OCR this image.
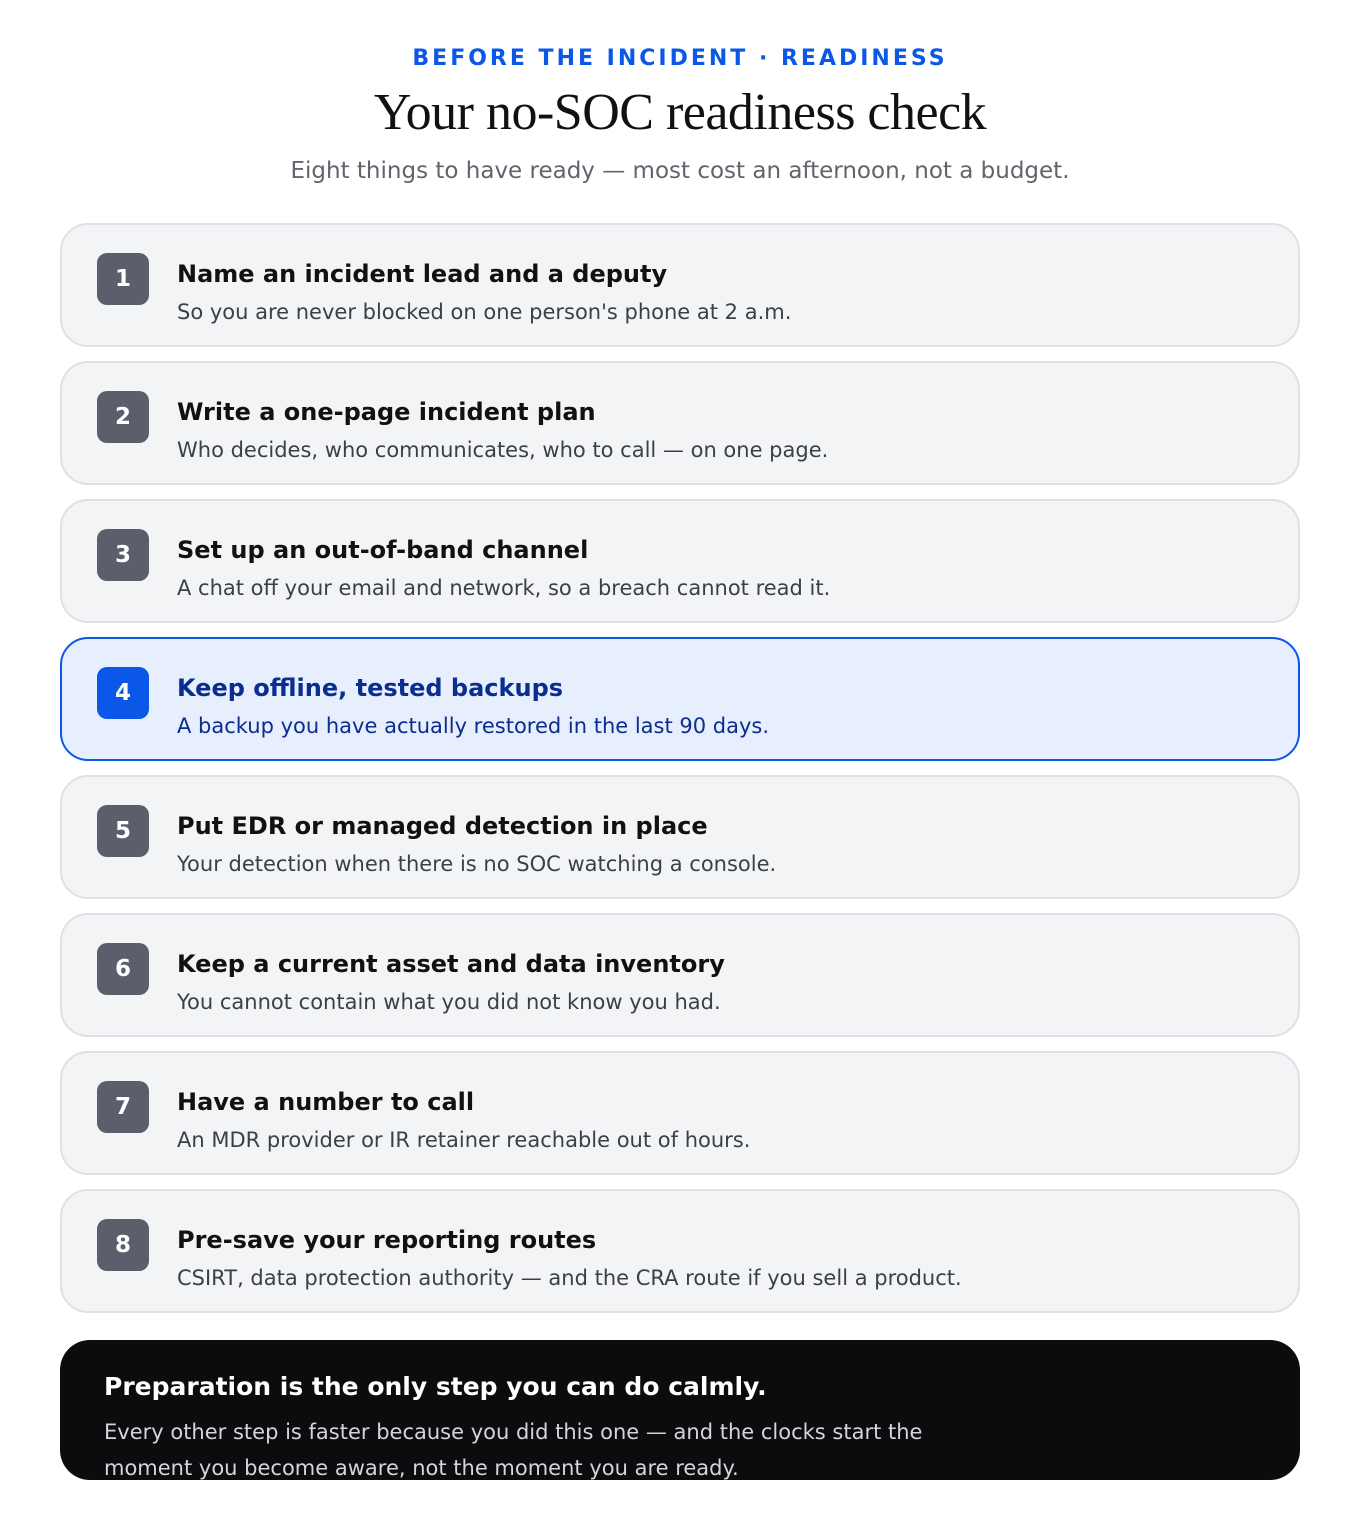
BEFORE THE INCIDENT · READINESS
Your no-SOC readiness check
Eight things to have ready — most cost an afternoon, not a budget.
1	Name an incident lead and a deputy
So you are never blocked on one person's phone at 2 a.m.
2	Write a one-page incident plan
Who decides, who communicates, who to call — on one page.
3	Set up an out-of-band channel
A chat off your email and network, so a breach cannot read it.
4	Keep offline, tested backups
A backup you have actually restored in the last 90 days.
5	Put EDR or managed detection in place
Your detection when there is no SOC watching a console.
6	Keep a current asset and data inventory
You cannot contain what you did not know you had.
7	Have a number to call
An MDR provider or IR retainer reachable out of hours.
8	Pre-save your reporting routes
CSIRT, data protection authority — and the CRA route if you sell a product.
Preparation is the only step you can do calmly.
Every other step is faster because you did this one — and the clocks start the moment you become aware, not the moment you are ready.
